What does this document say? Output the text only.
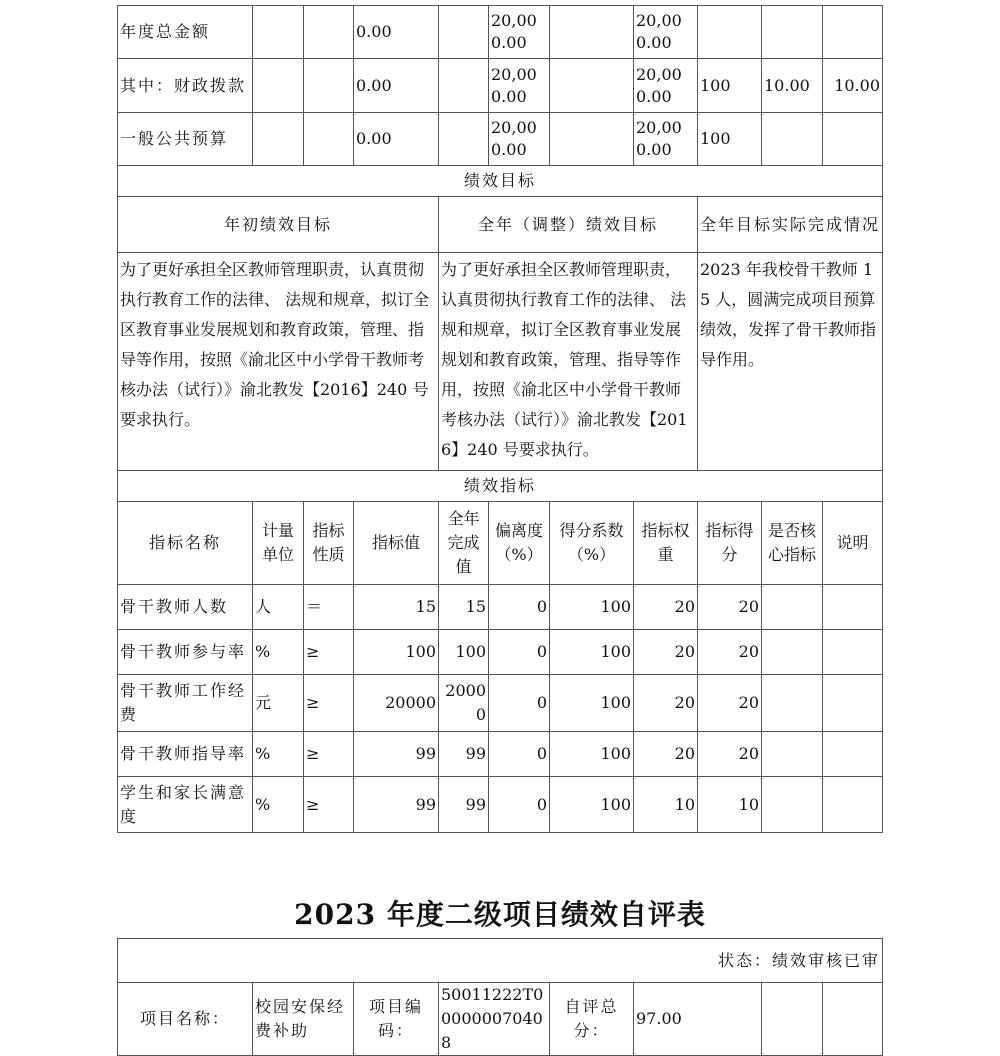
年度总金额			0.00		20,000.00		20,000.00			
其中：财政拨款			0.00		20,000.00		20,000.00	100	10.00	10.00
一般公共预算			0.00		20,000.00		20,000.00	100		
绩效目标										
年初绩效目标				全年（调整）绩效目标				全年目标实际完成情况		
为了更好承担全区教师管理职责，认真贯彻执行教育工作的法律、 法规和规章，拟订全区教育事业发展规划和教育政策，管理、指导等作用，按照《渝北区中小学骨干教师考核办法（试行）》渝北教发【2016】240 号要求执行。				为了更好承担全区教师管理职责，认真贯彻执行教育工作的法律、 法规和规章，拟订全区教育事业发展规划和教育政策，管理、指导等作用，按照《渝北区中小学骨干教师考核办法（试行）》渝北教发【2016】240 号要求执行。				2023 年我校骨干教师 15 人，圆满完成项目预算绩效，发挥了骨干教师指导作用。		
绩效指标										
指标名称	计量单位	指标性质	指标值	全年完成值	偏离度（%）	得分系数（%）	指标权重	指标得分	是否核心指标	说明
骨干教师人数	人	＝	15	15	0	100	20	20		
骨干教师参与率	%	≥	100	100	0	100	20	20		
骨干教师工作经费	元	≥	20000	20000	0	100	20	20		
骨干教师指导率	%	≥	99	99	0	100	20	20		
学生和家长满意度	%	≥	99	99	0	100	10	10		
2023 年度二级项目绩效自评表
状态：绩效审核已审
项目名称：	校园安保经费补助	项目编码：	50011222T000000070408	自评总分：	97.00		
